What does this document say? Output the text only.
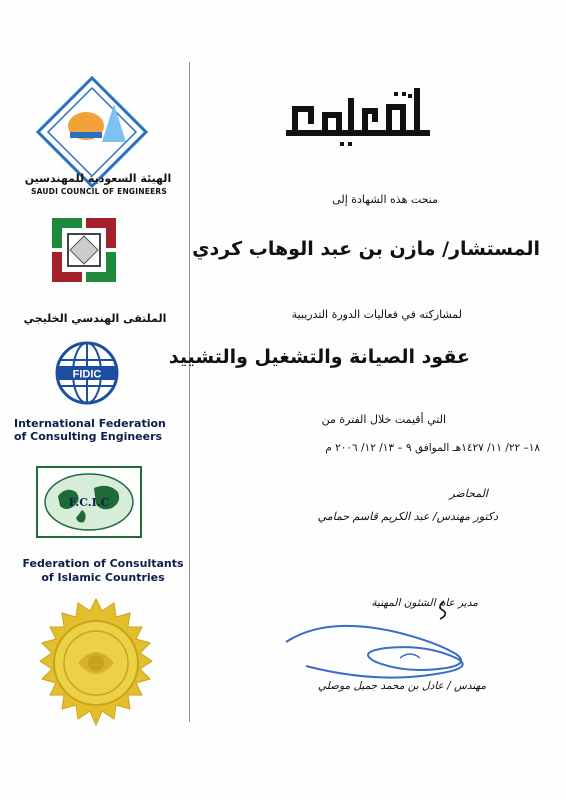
الهيئة السعودية للمهندسين
SAUDI COUNCIL OF ENGINEERS
الملتقى الهندسي الخليجي
FIDIC
International Federation
of Consulting Engineers
F.C.I.C
Federation of Consultants
of Islamic Countries
شهادة
منحت هذه الشهادة إلى
المستشار/ مازن بن عبد الوهاب كردي
لمشاركته في فعاليات الدورة التدريبية
عقود الصيانة والتشغيل والتشييد
التي أقيمت خلال الفترة من
١٨– ٢٢/ ١١/ ١٤٢٧هـ الموافق ٩ – ١٣/ ١٢/ ٢٠٠٦ م
المحاضر
دكتور مهندس/ عبد الكريم قاسم حمامي
مدير عام الشئون المهنية
مهندس / عادل بن محمد جميل موصلي
